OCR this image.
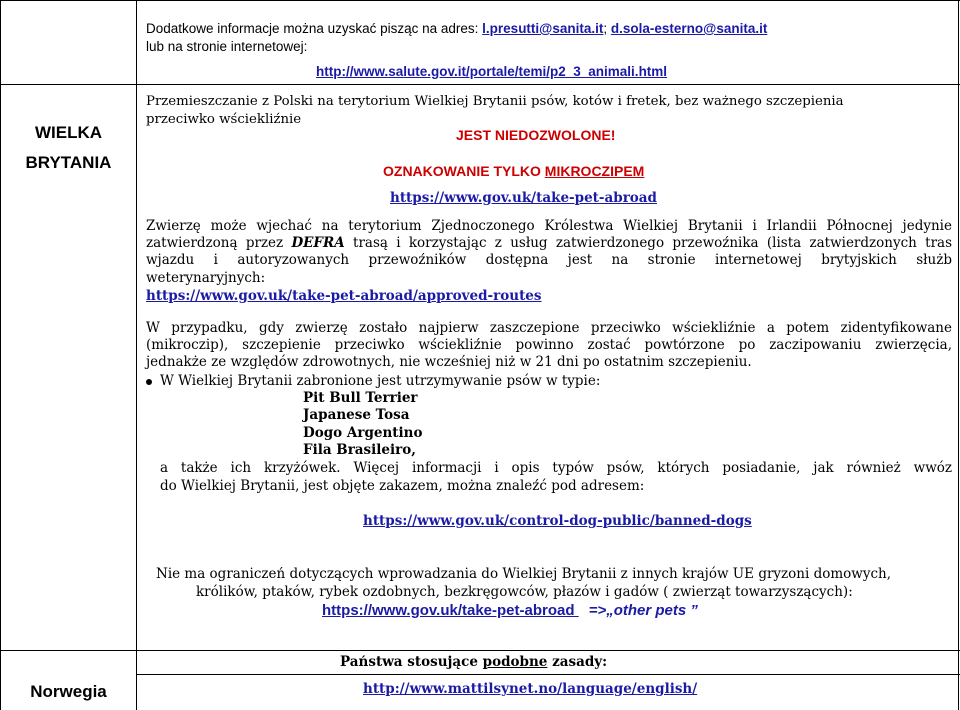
WIELKA
BRYTANIA
Dodatkowe informacje można uzyskać pisząc na adres: l.presutti@sanita.it; d.sola-esterno@sanita.it
lub na stronie internetowej:
http://www.salute.gov.it/portale/temi/p2_3_animali.html
Przemieszczanie z Polski na terytorium Wielkiej Brytanii psów, kotów i fretek, bez ważnego szczepienia
przeciwko wściekliźnie
JEST NIEDOZWOLONE!
OZNAKOWANIE TYLKO MIKROCZIPEM
https://www.gov.uk/take-pet-abroad
Zwierzę może wjechać na terytorium Zjednoczonego Królestwa Wielkiej Brytanii i Irlandii Północnej jedynie
zatwierdzoną przez DEFRA trasą i korzystając z usług zatwierdzonego przewoźnika (lista zatwierdzonych tras
wjazdu i autoryzowanych przewoźników dostępna jest na stronie internetowej brytyjskich służb
weterynaryjnych:
https://www.gov.uk/take-pet-abroad/approved-routes
W przypadku, gdy zwierzę zostało najpierw zaszczepione przeciwko wściekliźnie a potem zidentyfikowane
(mikroczip), szczepienie przeciwko wściekliźnie powinno zostać powtórzone po zaczipowaniu zwierzęcia,
jednakże ze względów zdrowotnych, nie wcześniej niż w 21 dni po ostatnim szczepieniu.
W Wielkiej Brytanii zabronione jest utrzymywanie psów w typie:
Pit Bull Terrier
Japanese Tosa
Dogo Argentino
Fila Brasileiro,
a także ich krzyżówek. Więcej informacji i opis typów psów, których posiadanie, jak również wwóz
do Wielkiej Brytanii, jest objęte zakazem, można znaleźć pod adresem:
https://www.gov.uk/control-dog-public/banned-dogs
Nie ma ograniczeń dotyczących wprowadzania do Wielkiej Brytanii z innych krajów UE gryzoni domowych,
królików, ptaków, rybek ozdobnych, bezkręgowców, płazów i gadów ( zwierząt towarzyszących):
https://www.gov.uk/take-pet-abroad =>„other pets ”
Państwa stosujące podobne zasady:
Norwegia	http://www.mattilsynet.no/language/english/
